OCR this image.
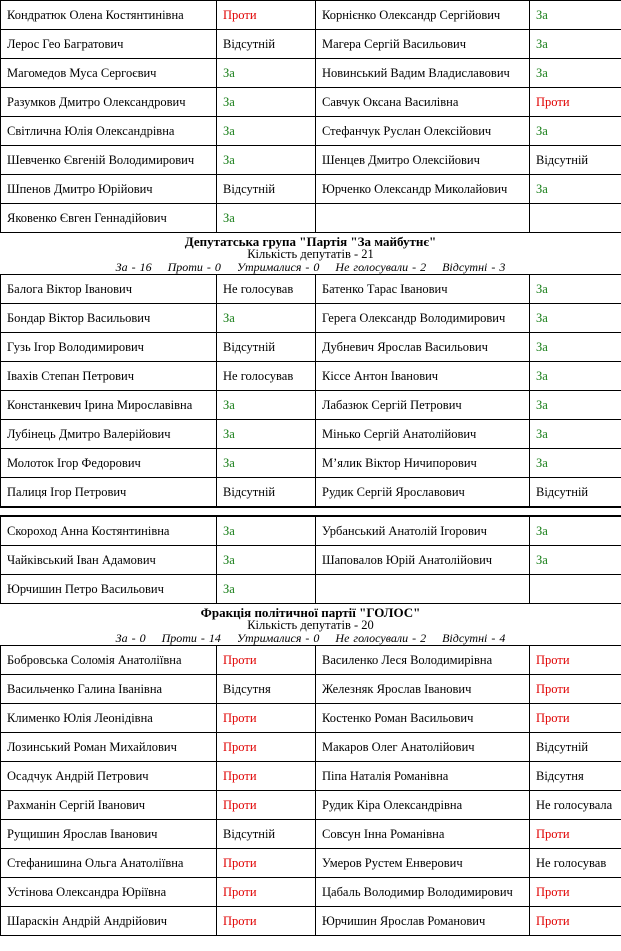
Кондратюк Олена Костянтинівна	Проти	Корнієнко Олександр Сергійович	За
Лерос Гео Багратович	Відсутній	Магера Сергій Васильович	За
Магомедов Муса Сергоєвич	За	Новинський Вадим Владиславович	За
Разумков Дмитро Олександрович	За	Савчук Оксана Василівна	Проти
Світлична Юлія Олександрівна	За	Стефанчук Руслан Олексійович	За
Шевченко Євгеній Володимирович	За	Шенцев Дмитро Олексійович	Відсутній
Шпенов Дмитро Юрійович	Відсутній	Юрченко Олександр Миколайович	За
Яковенко Євген Геннадійович	За		
Депутатська група "Партія "За майбутнє"
Кількість депутатів - 21
За - 16    Проти - 0    Утрималися - 0    Не голосували - 2    Відсутні - 3
Балога Віктор Іванович	Не голосував	Батенко Тарас Іванович	За
Бондар Віктор Васильович	За	Герега Олександр Володимирович	За
Гузь Ігор Володимирович	Відсутній	Дубневич Ярослав Васильович	За
Івахів Степан Петрович	Не голосував	Кіссе Антон Іванович	За
Констанкевич Ірина Мирославівна	За	Лабазюк Сергій Петрович	За
Лубінець Дмитро Валерійович	За	Мінько Сергій Анатолійович	За
Молоток Ігор Федорович	За	М’ялик Віктор Ничипорович	За
Палиця Ігор Петрович	Відсутній	Рудик Сергій Ярославович	Відсутній
Скороход Анна Костянтинівна	За	Урбанський Анатолій Ігорович	За
Чайківський Іван Адамович	За	Шаповалов Юрій Анатолійович	За
Юрчишин Петро Васильович	За		
Фракція політичної партії "ГОЛОС"
Кількість депутатів - 20
За - 0    Проти - 14    Утрималися - 0    Не голосували - 2    Відсутні - 4
Бобровська Соломія Анатоліївна	Проти	Василенко Леся Володимирівна	Проти
Васильченко Галина Іванівна	Відсутня	Железняк Ярослав Іванович	Проти
Клименко Юлія Леонідівна	Проти	Костенко Роман Васильович	Проти
Лозинський Роман Михайлович	Проти	Макаров Олег Анатолійович	Відсутній
Осадчук Андрій Петрович	Проти	Піпа Наталія Романівна	Відсутня
Рахманін Сергій Іванович	Проти	Рудик Кіра Олександрівна	Не голосувала
Рущишин Ярослав Іванович	Відсутній	Совсун Інна Романівна	Проти
Стефанишина Ольга Анатоліївна	Проти	Умеров Рустем Енверович	Не голосував
Устінова Олександра Юріївна	Проти	Цабаль Володимир Володимирович	Проти
Шараскін Андрій Андрійович	Проти	Юрчишин Ярослав Романович	Проти
